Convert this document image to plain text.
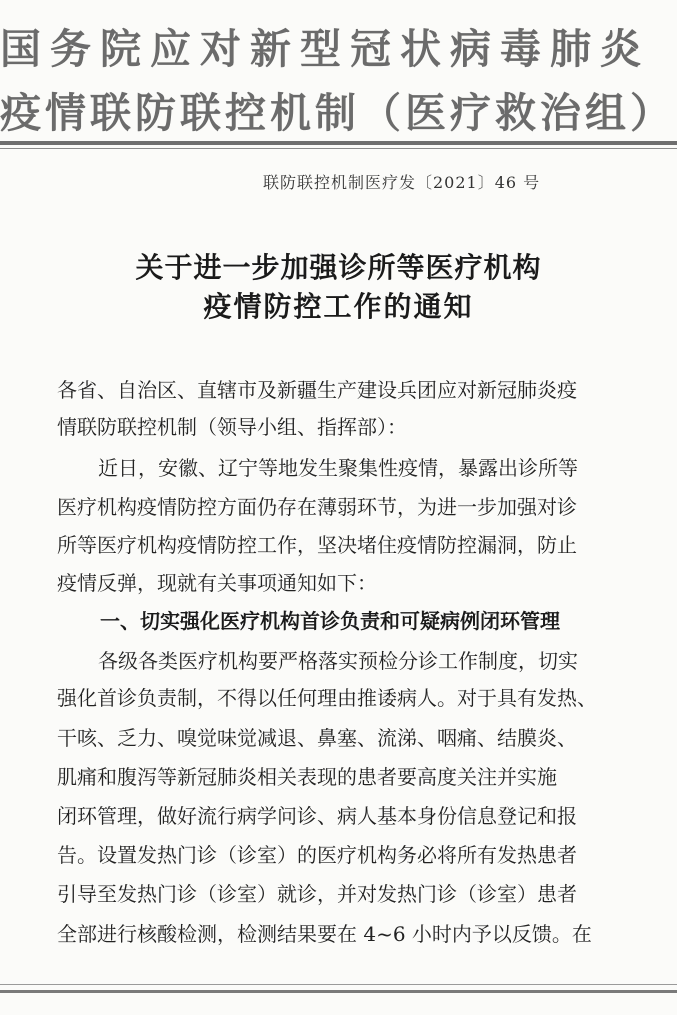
国务院应对新型冠状病毒肺炎
疫情联防联控机制（医疗救治组）
联防联控机制医疗发〔2021〕46 号
关于进一步加强诊所等医疗机构
疫情防控工作的通知
各省、自治区、直辖市及新疆生产建设兵团应对新冠肺炎疫
情联防联控机制（领导小组、指挥部）：
近日，安徽、辽宁等地发生聚集性疫情，暴露出诊所等
医疗机构疫情防控方面仍存在薄弱环节，为进一步加强对诊
所等医疗机构疫情防控工作，坚决堵住疫情防控漏洞，防止
疫情反弹，现就有关事项通知如下：
一、切实强化医疗机构首诊负责和可疑病例闭环管理
各级各类医疗机构要严格落实预检分诊工作制度，切实
强化首诊负责制，不得以任何理由推诿病人。对于具有发热、
干咳、乏力、嗅觉味觉减退、鼻塞、流涕、咽痛、结膜炎、
肌痛和腹泻等新冠肺炎相关表现的患者要高度关注并实施
闭环管理，做好流行病学问诊、病人基本身份信息登记和报
告。设置发热门诊（诊室）的医疗机构务必将所有发热患者
引导至发热门诊（诊室）就诊，并对发热门诊（诊室）患者
全部进行核酸检测，检测结果要在 4~6 小时内予以反馈。在
